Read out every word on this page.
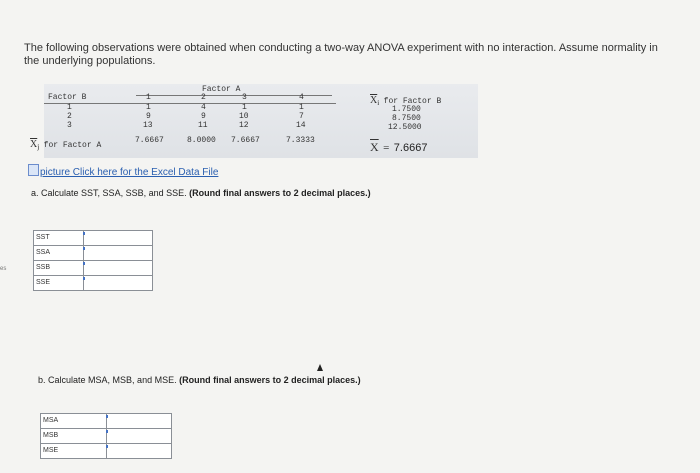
es
The following observations were obtained when conducting a two-way ANOVA experiment with no interaction. Assume normality in the underlying populations.
Factor A
Factor B	1	2	3	4
1	1	4	1	1
2	9	9	10	7
3	13	11	12	14
$\overline{X}j$ for Factor A
7.6667	8.0000 7.6667	7.3333
$\overline{X}i$ for Factor B
1.7500
8.7500
12.5000
$\overline{X} = 7.6667$
picture Click here for the Excel Data File
a. Calculate SST, SSA, SSB, and SSE. (Round final answers to 2 decimal places.)
SST
SSA
SSB
SSE
b. Calculate MSA, MSB, and MSE. (Round final answers to 2 decimal places.)
MSA
MSB
MSE
